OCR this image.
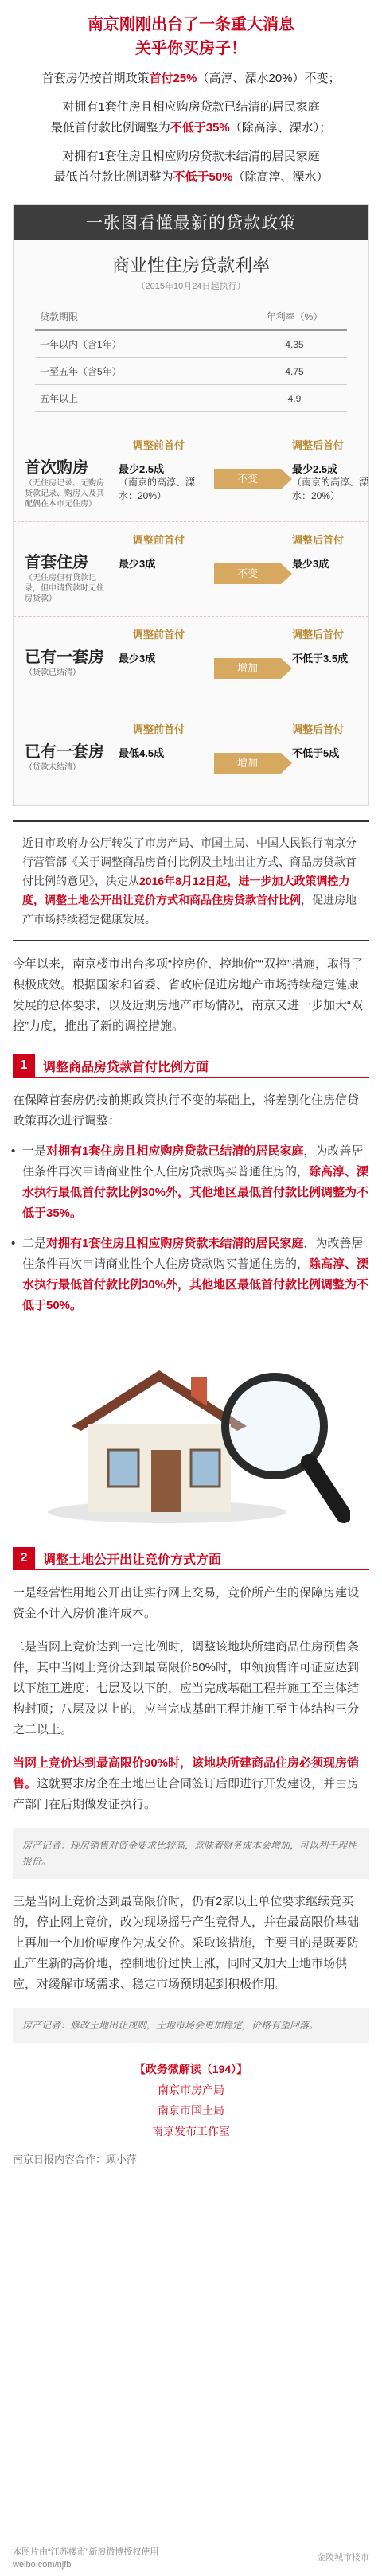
南京刚刚出台了一条重大消息
关乎你买房子！
首套房仍按首期政策首付25%（高淳、溧水20%）不变；
对拥有1套住房且相应购房贷款已结清的居民家庭
最低首付款比例调整为不低于35%（除高淳、溧水）；
对拥有1套住房且相应购房贷款未结清的居民家庭
最低首付款比例调整为不低于50%（除高淳、溧水）
一张图看懂最新的贷款政策
商业性住房贷款利率
（2015年10月24日起执行）
贷款期限	年利率（%）
一年以内（含1年）	4.35
一至五年（含5年）	4.75
五年以上	4.9
调整前首付	调整后首付
首次购房
（无住房记录、无购房贷款记录、购房人及其配偶在本市无住房）
最少2.5成
（南京的高淳、溧水：20%）
不变
最少2.5成
（南京的高淳、溧水：20%）
调整前首付	调整后首付
首套住房
（无住房但有贷款记录，但申请贷款时无住房贷款）
最少3成
不变
最少3成
调整前首付	调整后首付
已有一套房
（贷款已结清）
最少3成
增加
不低于3.5成
调整前首付	调整后首付
已有一套房
（贷款未结清）
最低4.5成
增加
不低于5成
近日市政府办公厅转发了市房产局、市国土局、中国人民银行南京分行营管部《关于调整商品房首付比例及土地出让方式、商品房贷款首付比例的意见》，决定从2016年8月12日起，进一步加大政策调控力度，调整土地公开出让竞价方式和商品住房贷款首付比例，促进房地产市场持续稳定健康发展。
今年以来，南京楼市出台多项“控房价、控地价”“双控”措施，取得了积极成效。根据国家和省委、省政府促进房地产市场持续稳定健康发展的总体要求，以及近期房地产市场情况，南京又进一步加大“双控”力度，推出了新的调控措施。
1	调整商品房贷款首付比例方面
在保障首套房仍按前期政策执行不变的基础上，将差别化住房信贷政策再次进行调整：
• 一是对拥有1套住房且相应购房贷款已结清的居民家庭，为改善居住条件再次申请商业性个人住房贷款购买普通住房的，除高淳、溧水执行最低首付款比例30%外，其他地区最低首付款比例调整为不低于35%。
• 二是对拥有1套住房且相应购房贷款未结清的居民家庭，为改善居住条件再次申请商业性个人住房贷款购买普通住房的，除高淳、溧水执行最低首付款比例30%外，其他地区最低首付款比例调整为不低于50%。
2	调整土地公开出让竞价方式方面
一是经营性用地公开出让实行网上交易，竞价所产生的保障房建设资金不计入房价准许成本。
二是当网上竞价达到一定比例时，调整该地块所建商品住房预售条件，其中当网上竞价达到最高限价80%时，申领预售许可证应达到以下施工进度：七层及以下的，应当完成基础工程并施工至主体结构封顶；八层及以上的，应当完成基础工程并施工至主体结构三分之二以上。
当网上竞价达到最高限价90%时，该地块所建商品住房必须现房销售。这就要求房企在土地出让合同签订后即进行开发建设，并由房产部门在后期做发证执行。
房产记者：现房销售对资金要求比较高，意味着财务成本会增加，可以利于理性报价。
三是当网上竞价达到最高限价时，仍有2家以上单位要求继续竞买的，停止网上竞价，改为现场摇号产生竞得人，并在最高限价基础上再加一个加价幅度作为成交价。采取该措施，主要目的是既要防止产生新的高价地，控制地价过快上涨，同时又加大土地市场供应，对缓解市场需求、稳定市场预期起到积极作用。
房产记者：修改土地出让规则，土地市场会更加稳定，价格有望回落。
【政务微解读（194）】
南京市房产局
南京市国土局
南京发布工作室
南京日报内容合作：顾小萍
本图片由“江苏楼市”新浪微博授权使用
weibo.com/njfb
金陵城市楼市
